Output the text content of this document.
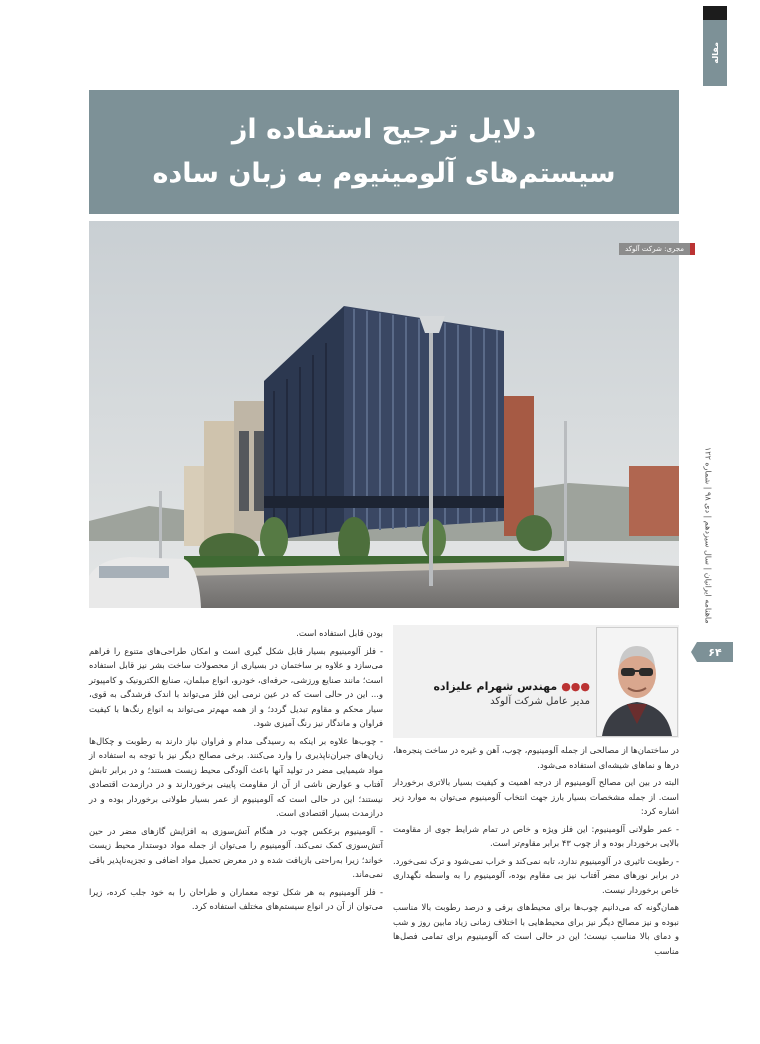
مقاله
دلایل ترجیح استفاده از
سیستم‌های آلومینیوم به زبان ساده
مجری: شرکت آلوکد
ماهنامه ایرانیان | سال سیزدهم | دی ۹۸ | شماره ۱۲۲
۶۴
●●●مهندس شهرام علیزاده
مدیر عامل شرکت آلوکد

بودن قابل استفاده است.

- فلز آلومینیوم بسیار قابل شکل گیری است و امکان طراحی‌های متنوع را فراهم می‌سازد و علاوه بر ساختمان در بسیاری از محصولات ساخت بشر نیز قابل استفاده است؛ مانند صنایع ورزشی، حرفه‌ای، خودرو، انواع مبلمان، صنایع الکترونیک و کامپیوتر و... این در حالی است که در عین نرمی این فلز می‌تواند با اندک فرشدگی به قوی، سیار محکم و مقاوم تبدیل گردد؛ و از همه مهم‌تر می‌تواند به انواع رنگ‌ها با کیفیت فراوان و ماندگار نیز رنگ آمیزی شود.

- چوب‌ها علاوه بر اینکه به رسیدگی مدام و فراوان نیاز دارند به رطوبت و چکال‌ها زیان‌های جبران‌ناپذیری را وارد می‌کنند. برخی مصالح دیگر نیز با توجه به استفاده از مواد شیمیایی مضر در تولید آنها باعث آلودگی محیط زیست هستند؛ و در برابر تابش آفتاب و عوارض ناشی از آن از مقاومت پایینی برخوردارند و در درازمدت اقتصادی نیستند؛ این در حالی است که آلومینیوم از عمر بسیار طولانی برخوردار بوده و در درازمدت بسیار اقتصادی است.

- آلومینیوم برعکس چوب در هنگام آتش‌سوزی به افزایش گازهای مضر در حین آتش‌سوزی کمک نمی‌کند. آلومینیوم را می‌توان از جمله مواد دوستدار محیط زیست خواند؛ زیرا به‌راحتی بازیافت شده و در معرض تحمیل مواد اضافی و تجزیه‌ناپذیر باقی نمی‌ماند.

- فلز آلومینیوم به هر شکل توجه معماران و طراحان را به خود جلب کرده، زیرا می‌توان از آن در انواع سیستم‌های مختلف استفاده کرد.

در ساختمان‌ها از مصالحی از جمله آلومینیوم، چوب، آهن و غیره در ساخت پنجره‌ها، درها و نماهای شیشه‌ای استفاده می‌شود.

البته در بین این مصالح آلومینیوم از درجه اهمیت و کیفیت بسیار بالاتری برخوردار است. از جمله مشخصات بسیار بارز جهت انتخاب آلومینیوم می‌توان به موارد زیر اشاره کرد:

- عمر طولانی آلومینیوم: این فلز ویژه و خاص در تمام شرایط جوی از مقاومت بالایی برخوردار بوده و از چوب ۴۳ برابر مقاوم‌تر است.

- رطوبت تاثیری در آلومینیوم ندارد، تابه نمی‌کند و خراب نمی‌شود و ترک نمی‌خورد. در برابر نورهای مضر آفتاب نیز بی مقاوم بوده، آلومینیوم را به واسطه نگهداری خاص برخوردار نیست.

همان‌گونه که می‌دانیم چوب‌ها برای محیط‌های برفی و درصد رطوبت بالا مناسب نبوده و نیز مصالح دیگر نیز برای محیط‌هایی با اختلاف زمانی زیاد مابین روز و شب و دمای بالا مناسب نیست؛ این در حالی است که آلومینیوم برای تمامی فصل‌ها مناسب
